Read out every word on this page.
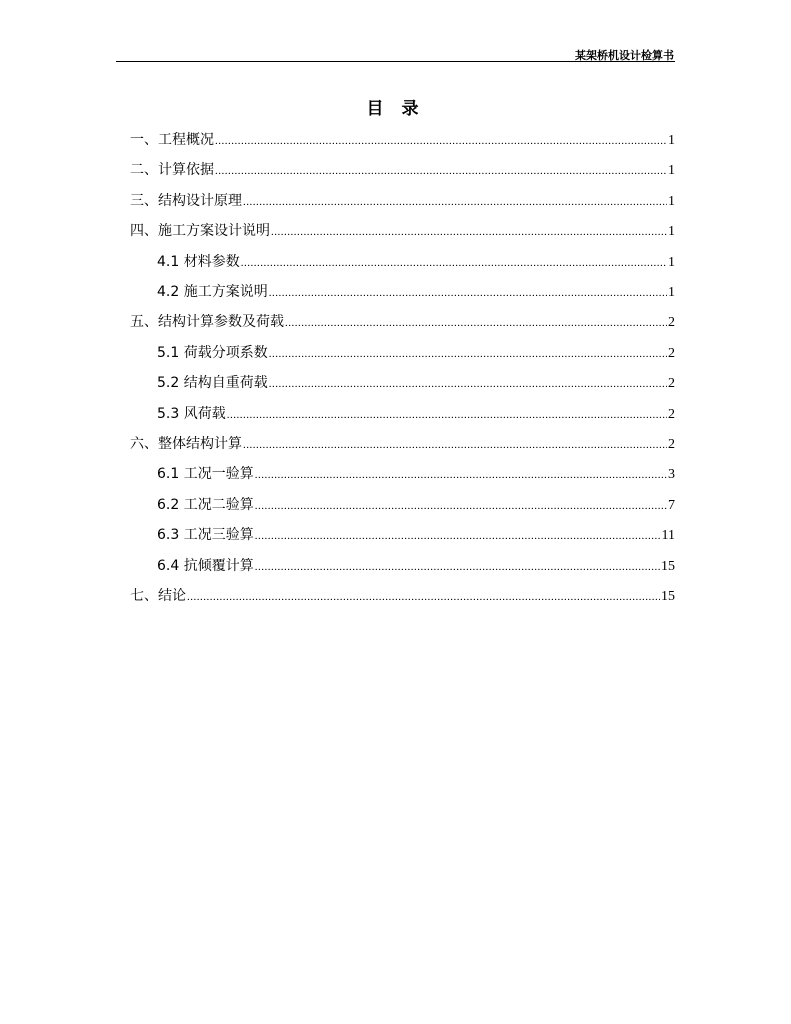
某架桥机设计检算书
目 录
一、工程概况 .....	1
二、计算依据 .....	1
三、结构设计原理 .....	1
四、施工方案设计说明 .....	1
4.1 材料参数 .....	1
4.2 施工方案说明 .....	1
五、结构计算参数及荷载 .....	2
5.1 荷载分项系数 .....	2
5.2 结构自重荷载 .....	2
5.3 风荷载 .....	2
六、整体结构计算 .....	2
6.1 工况一验算 .....	3
6.2 工况二验算 .....	7
6.3 工况三验算 .....	11
6.4 抗倾覆计算 .....	15
七、结论 .....	15
